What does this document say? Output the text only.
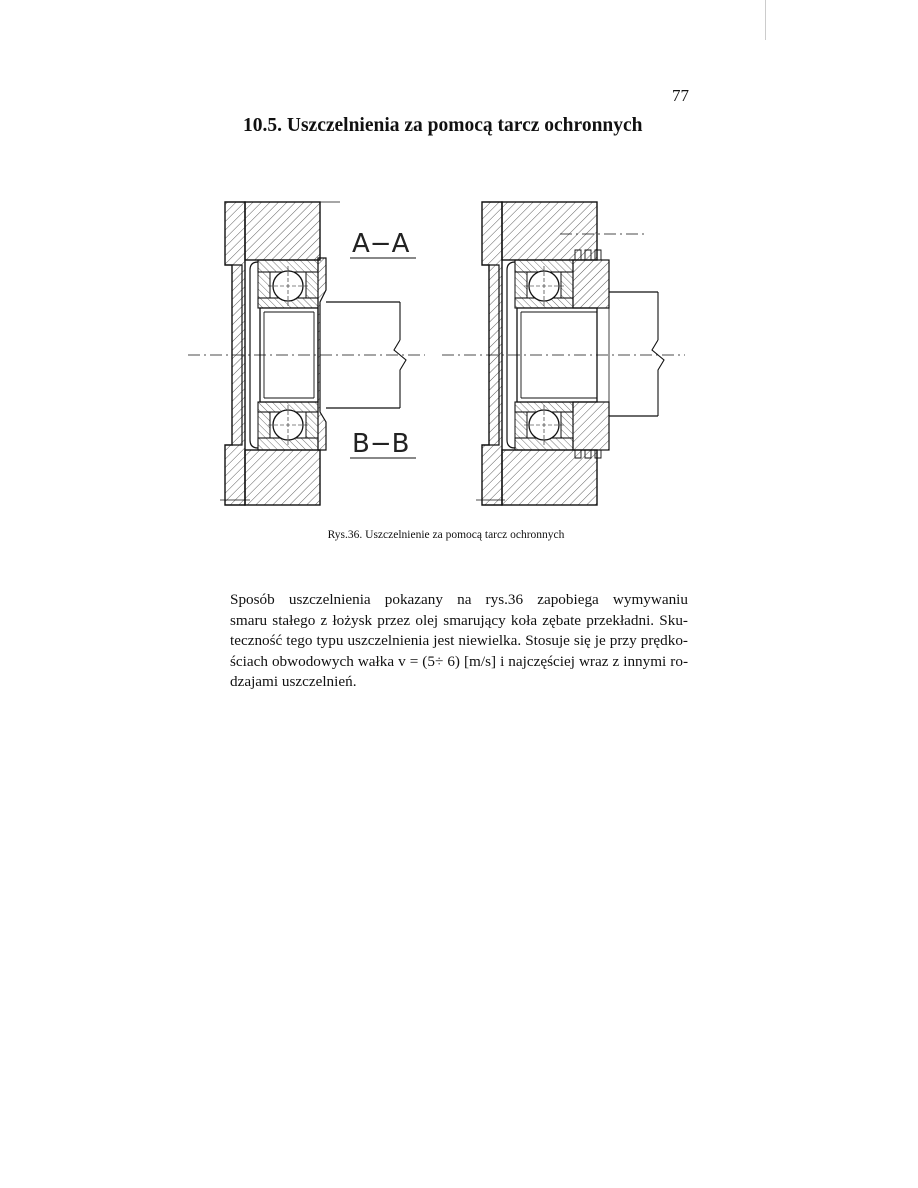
77
10.5. Uszczelnienia za pomocą tarcz ochronnych
A−A
B−B
Rys.36. Uszczelnienie za pomocą tarcz ochronnych
Sposób uszczelnienia pokazany na rys.36 zapobiega wymywaniu
smaru stałego z łożysk przez olej smarujący koła zębate przekładni. Sku-
teczność tego typu uszczelnienia jest niewielka. Stosuje się je przy prędko-
ściach obwodowych wałka v = (5÷ 6) [m/s] i najczęściej wraz z innymi ro-
dzajami uszczelnień.
